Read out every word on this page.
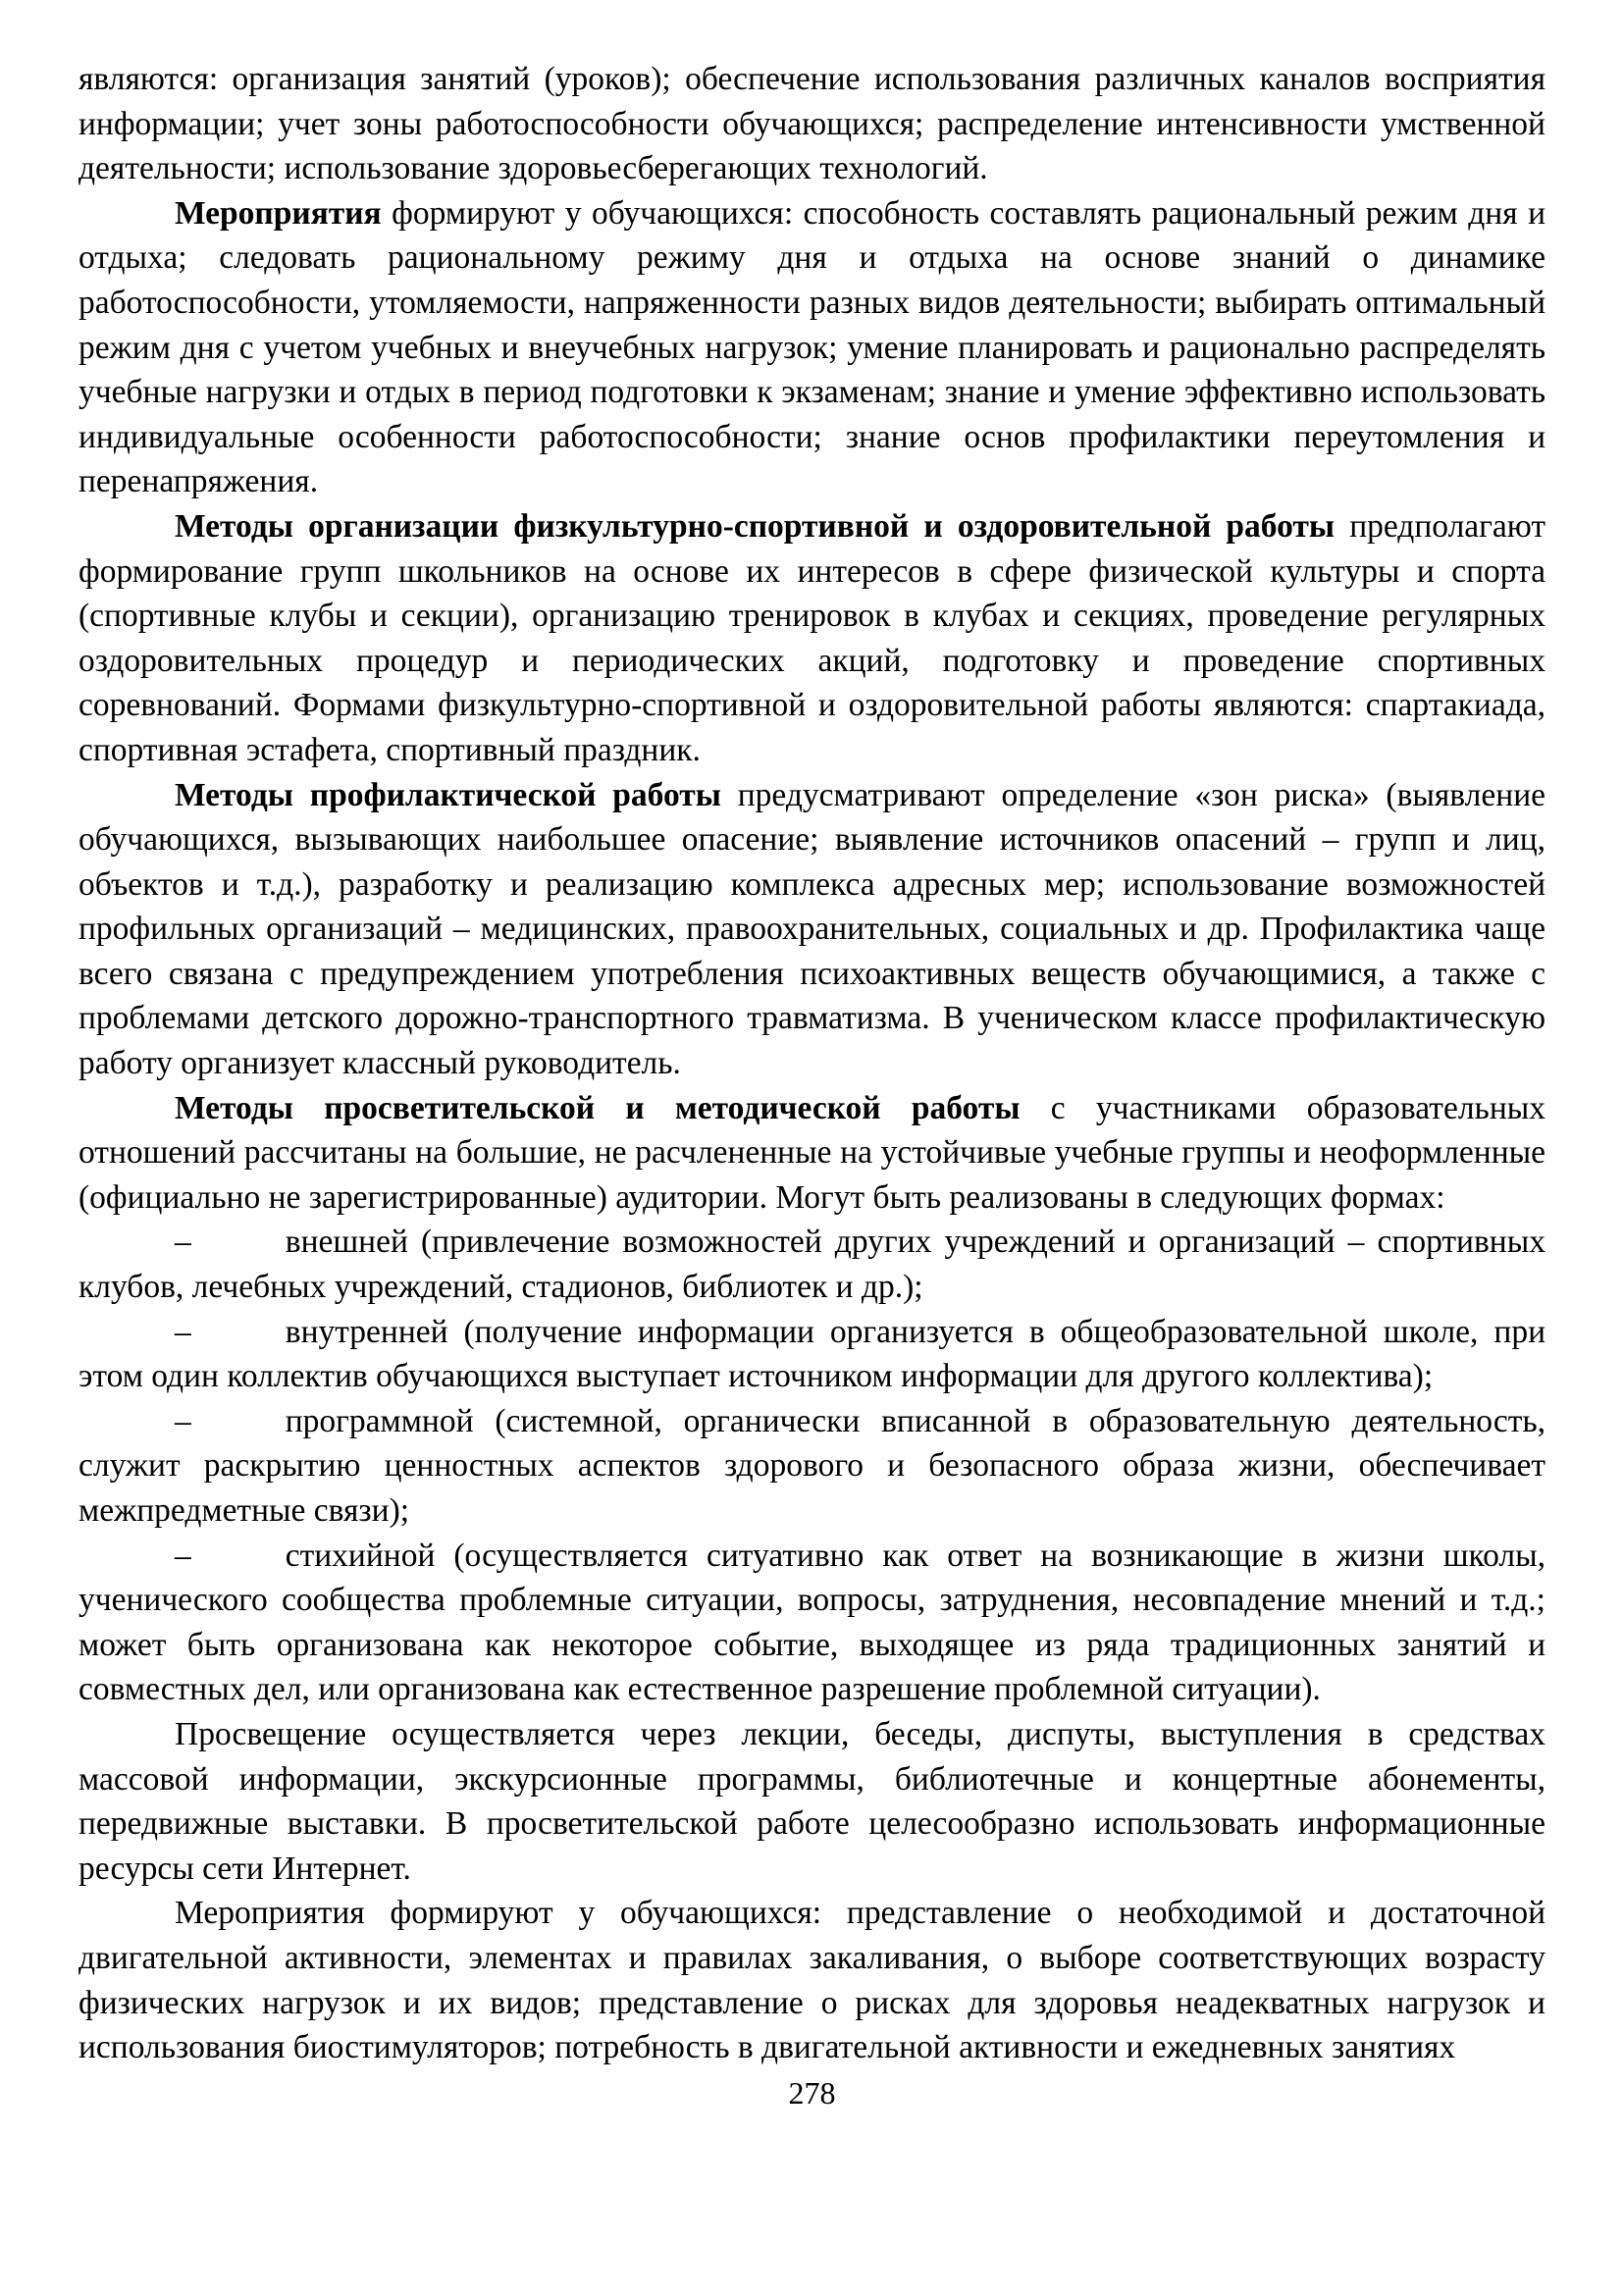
являются: организация занятий (уроков); обеспечение использования различных каналов восприятия информации; учет зоны работоспособности обучающихся; распределение интенсивности умственной деятельности; использование здоровьесберегающих технологий.

Мероприятия формируют у обучающихся: способность составлять рациональный режим дня и отдыха; следовать рациональному режиму дня и отдыха на основе знаний о динамике работоспособности, утомляемости, напряженности разных видов деятельности; выбирать оптимальный режим дня с учетом учебных и внеучебных нагрузок; умение планировать и рационально распределять учебные нагрузки и отдых в период подготовки к экзаменам; знание и умение эффективно использовать индивидуальные особенности работоспособности; знание основ профилактики переутомления и перенапряжения.

Методы организации физкультурно-спортивной и оздоровительной работы предполагают формирование групп школьников на основе их интересов в сфере физической культуры и спорта (спортивные клубы и секции), организацию тренировок в клубах и секциях, проведение регулярных оздоровительных процедур и периодических акций, подготовку и проведение спортивных соревнований. Формами физкультурно-спортивной и оздоровительной работы являются: спартакиада, спортивная эстафета, спортивный праздник.

Методы профилактической работы предусматривают определение «зон риска» (выявление обучающихся, вызывающих наибольшее опасение; выявление источников опасений – групп и лиц, объектов и т.д.), разработку и реализацию комплекса адресных мер; использование возможностей профильных организаций – медицинских, правоохранительных, социальных и др. Профилактика чаще всего связана с предупреждением употребления психоактивных веществ обучающимися, а также с проблемами детского дорожно-транспортного травматизма. В ученическом классе профилактическую работу организует классный руководитель.

Методы просветительской и методической работы с участниками образовательных отношений рассчитаны на большие, не расчлененные на устойчивые учебные группы и неоформленные (официально не зарегистрированные) аудитории. Могут быть реализованы в следующих формах:

–	внешней (привлечение возможностей других учреждений и организаций – спортивных клубов, лечебных учреждений, стадионов, библиотек и др.);

–	внутренней (получение информации организуется в общеобразовательной школе, при этом один коллектив обучающихся выступает источником информации для другого коллектива);

–	программной (системной, органически вписанной в образовательную деятельность, служит раскрытию ценностных аспектов здорового и безопасного образа жизни, обеспечивает межпредметные связи);

–	стихийной (осуществляется ситуативно как ответ на возникающие в жизни школы, ученического сообщества проблемные ситуации, вопросы, затруднения, несовпадение мнений и т.д.; может быть организована как некоторое событие, выходящее из ряда традиционных занятий и совместных дел, или организована как естественное разрешение проблемной ситуации).

Просвещение осуществляется через лекции, беседы, диспуты, выступления в средствах массовой информации, экскурсионные программы, библиотечные и концертные абонементы, передвижные выставки. В просветительской работе целесообразно использовать информационные ресурсы сети Интернет.

Мероприятия формируют у обучающихся: представление о необходимой и достаточной двигательной активности, элементах и правилах закаливания, о выборе соответствующих возрасту физических нагрузок и их видов; представление о рисках для здоровья неадекватных нагрузок и использования биостимуляторов; потребность в двигательной активности и ежедневных занятиях

278
